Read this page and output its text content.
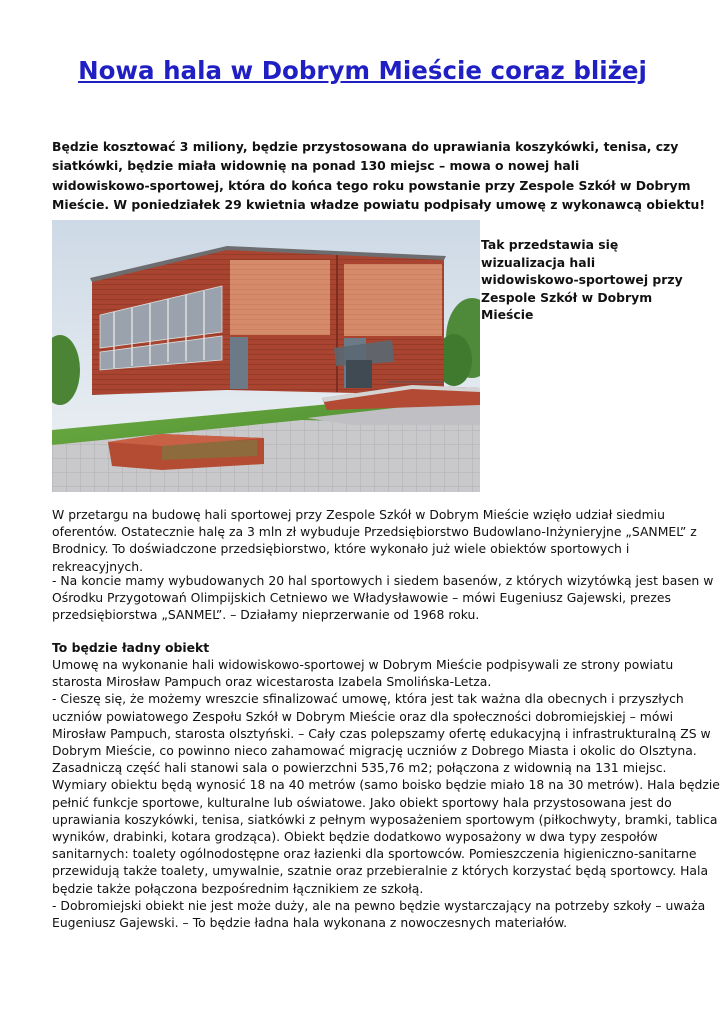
Nowa hala w Dobrym Mieście coraz bliżej

Będzie kosztować 3 miliony, będzie przystosowana do uprawiania koszykówki, tenisa, czy
siatkówki, będzie miała widownię na ponad 130 miejsc – mowa o nowej hali
widowiskowo-sportowej, która do końca tego roku powstanie przy Zespole Szkół w Dobrym
Mieście. W poniedziałek 29 kwietnia władze powiatu podpisały umowę z wykonawcą obiektu!

Tak przedstawia się
wizualizacja hali
widowiskowo-sportowej przy
Zespole Szkół w Dobrym
Mieście

W przetargu na budowę hali sportowej przy Zespole Szkół w Dobrym Mieście wzięło udział siedmiu
oferentów. Ostatecznie halę za 3 mln zł wybuduje Przedsiębiorstwo Budowlano-Inżynieryjne „SANMEL” z
Brodnicy. To doświadczone przedsiębiorstwo, które wykonało już wiele obiektów sportowych i
rekreacyjnych.

- Na koncie mamy wybudowanych 20 hal sportowych i siedem basenów, z których wizytówką jest basen w
Ośrodku Przygotowań Olimpijskich Cetniewo we Władysławowie – mówi Eugeniusz Gajewski, prezes
przedsiębiorstwa „SANMEL”. – Działamy nieprzerwanie od 1968 roku.

To będzie ładny obiekt

Umowę na wykonanie hali widowiskowo-sportowej w Dobrym Mieście podpisywali ze strony powiatu
starosta Mirosław Pampuch oraz wicestarosta Izabela Smolińska-Letza.
- Cieszę się, że możemy wreszcie sfinalizować umowę, która jest tak ważna dla obecnych i przyszłych
uczniów powiatowego Zespołu Szkół w Dobrym Mieście oraz dla społeczności dobromiejskiej – mówi
Mirosław Pampuch, starosta olsztyński. – Cały czas polepszamy ofertę edukacyjną i infrastrukturalną ZS w
Dobrym Mieście, co powinno nieco zahamować migrację uczniów z Dobrego Miasta i okolic do Olsztyna.
Zasadniczą część hali stanowi sala o powierzchni 535,76 m2; połączona z widownią na 131 miejsc.
Wymiary obiektu będą wynosić 18 na 40 metrów (samo boisko będzie miało 18 na 30 metrów). Hala będzie
pełnić funkcje sportowe, kulturalne lub oświatowe. Jako obiekt sportowy hala przystosowana jest do
uprawiania koszykówki, tenisa, siatkówki z pełnym wyposażeniem sportowym (piłkochwyty, bramki, tablica
wyników, drabinki, kotara grodząca). Obiekt będzie dodatkowo wyposażony w dwa typy zespołów
sanitarnych: toalety ogólnodostępne oraz łazienki dla sportowców. Pomieszczenia higieniczno-sanitarne
przewidują także toalety, umywalnie, szatnie oraz przebieralnie z których korzystać będą sportowcy. Hala
będzie także połączona bezpośrednim łącznikiem ze szkołą.
- Dobromiejski obiekt nie jest może duży, ale na pewno będzie wystarczający na potrzeby szkoły – uważa
Eugeniusz Gajewski. – To będzie ładna hala wykonana z nowoczesnych materiałów.
